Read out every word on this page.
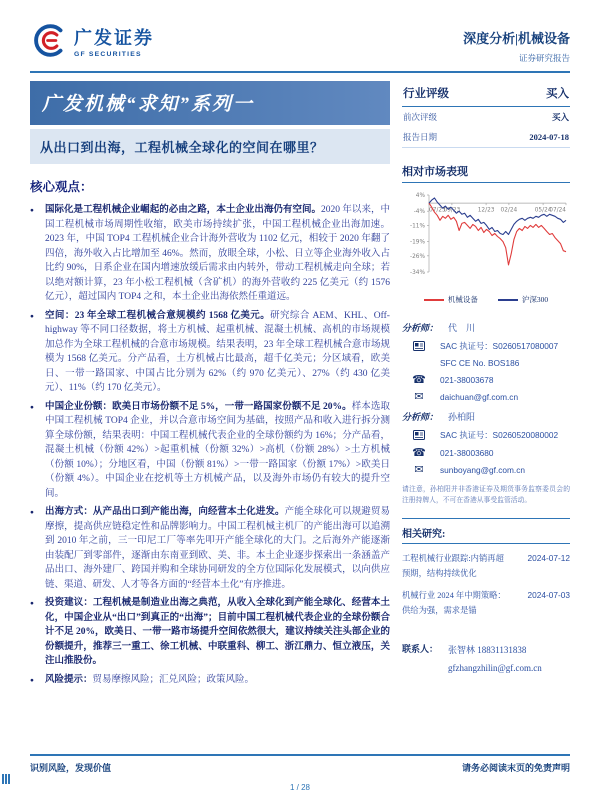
广发证券
GF SECURITIES
深度分析|机械设备
证券研究报告
广发机械“求知”系列一
从出口到出海，工程机械全球化的空间在哪里？
核心观点：
●	国际化是工程机械企业崛起的必由之路，本土企业出海仍有空间。2020 年以来，中国工程机械市场周期性收缩，欧美市场持续扩张，中国工程机械企业出海加速。2023 年，中国 TOP4 工程机械企业合计海外营收为 1102 亿元，相较于 2020 年翻了四倍，海外收入占比增加至 46%。然而，放眼全球，小松、日立等企业海外收入占比约 90%，日系企业在国内增速放缓后需求由内转外，带动工程机械走向全球；若以绝对额计算，23 年小松工程机械（含矿机）的海外营收约 225 亿美元（约 1576 亿元），超过国内 TOP4 之和，本土企业出海依然任重道远。
●	空间：23 年全球工程机械合意规模约 1568 亿美元。研究综合 AEM、KHL、Off-highway 等不同口径数据，将土方机械、起重机械、混凝土机械、高机的市场规模加总作为全球工程机械的合意市场规模。结果表明，23 年全球工程机械合意市场规模为 1568 亿美元。分产品看，土方机械占比最高，超千亿美元；分区域看，欧美日、一带一路国家、中国占比分别为 62%（约 970 亿美元）、27%（约 430 亿美元）、11%（约 170 亿美元）。
●	中国企业份额：欧美日市场份额不足 5%，一带一路国家份额不足 20%。样本选取中国工程机械 TOP4 企业，并以合意市场空间为基础，按照产品和收入进行拆分测算全球份额，结果表明：中国工程机械代表企业的全球份额约为 16%；分产品看，混凝土机械（份额 42%）>起重机械（份额 32%）>高机（份额 28%）>土方机械（份额 10%）；分地区看，中国（份额 81%）>一带一路国家（份额 17%）>欧美日（份额 4%）。中国企业在挖机等土方机械产品，以及海外市场仍有较大的提升空间。
●	出海方式：从产品出口到产能出海，向经营本土化进发。产能全球化可以规避贸易摩擦，提高供应链稳定性和品牌影响力。中国工程机械主机厂的产能出海可以追溯到 2010 年之前，三一印尼工厂等率先叩开产能全球化的大门。之后海外产能逐渐由装配厂到零部件，逐渐由东南亚到欧、美、非。本土企业逐步探索出一条涵盖产品出口、海外建厂、跨国并购和全球协同研发的全方位国际化发展模式，以向供应链、渠道、研发、人才等各方面的“经营本土化”有序推进。
●	投资建议：工程机械是制造业出海之典范，从收入全球化到产能全球化、经营本土化，中国企业从“出口”到真正的“出海”；目前中国工程机械代表企业的全球份额合计不足 20%，欧美日、一带一路市场提升空间依然很大，建议持续关注头部企业的份额提升，推荐三一重工、徐工机械、中联重科、柳工、浙江鼎力、恒立液压，关注山推股份。
●	风险提示：贸易摩擦风险；汇兑风险；政策风险。
行业评级	买入
前次评级	买入
报告日期	2024-07-18
相对市场表现
4%
-4%
-11%
-19%
-26%
-34%
07/23
09/23	12/23 02/24	05/24
07/24
机械设备	沪深300
分析师：	代　川
SAC 执证号：S0260517080007
SFC CE No. BOS186
☎ 021-38003678
✉	daichuan@gf.com.cn
分析师：	孙柏阳
SAC 执证号：S0260520080002
☎ 021-38003680
✉	sunboyang@gf.com.cn
请注意，孙柏阳并非香港证券及期货事务监察委员会的注册持牌人，不可在香港从事受监管活动。
相关研究:
工程机械行业跟踪:内销再超预期，结构持续优化
2024-07-12
机械行业 2024 年中期策略：供给为强，需求是锚
2024-07-03
联系人：	张智林 18831131838
gfzhangzhilin@gf.com.cn
识别风险，发现价值	请务必阅读末页的免责声明
1 / 28
